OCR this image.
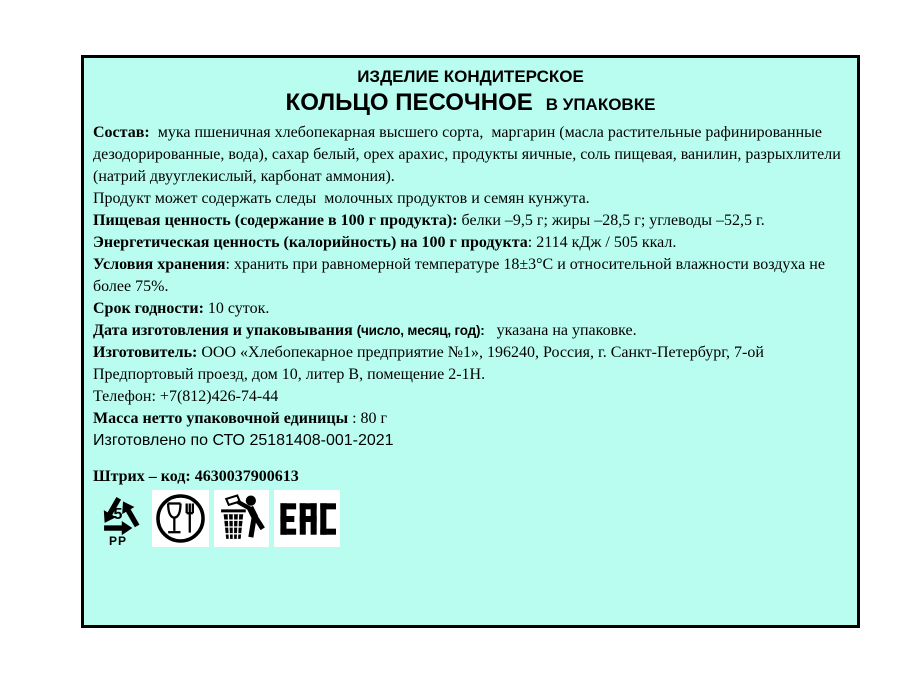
ИЗДЕЛИЕ КОНДИТЕРСКОЕ

КОЛЬЦО ПЕСОЧНОЕ В УПАКОВКЕ

Состав:  мука пшеничная хлебопекарная высшего сорта,  маргарин (масла растительные рафинированные дезодорированные, вода), сахар белый, орех арахис, продукты яичные, соль пищевая, ванилин, разрыхлители (натрий двууглекислый, карбонат аммония).

Продукт может содержать следы  молочных продуктов и семян кунжута.

Пищевая ценность (содержание в 100 г продукта): белки –9,5 г; жиры –28,5 г; углеводы –52,5 г.

Энергетическая ценность (калорийность) на 100 г продукта: 2114 кДж / 505 ккал.

Условия хранения: хранить при равномерной температуре 18±3°С и относительной влажности воздуха не более 75%.

Срок годности: 10 суток.

Дата изготовления и упаковывания (число, месяц, год):   указана на упаковке.

Изготовитель: ООО «Хлебопекарное предприятие №1», 196240, Россия, г. Санкт-Петербург, 7-ой Предпортовый проезд, дом 10, литер В, помещение 2-1Н.

Телефон: +7(812)426-74-44

Масса нетто упаковочной единицы : 80 г

Изготовлено по СТО 25181408-001-2021

Штрих – код: 4630037900613

5
PP
